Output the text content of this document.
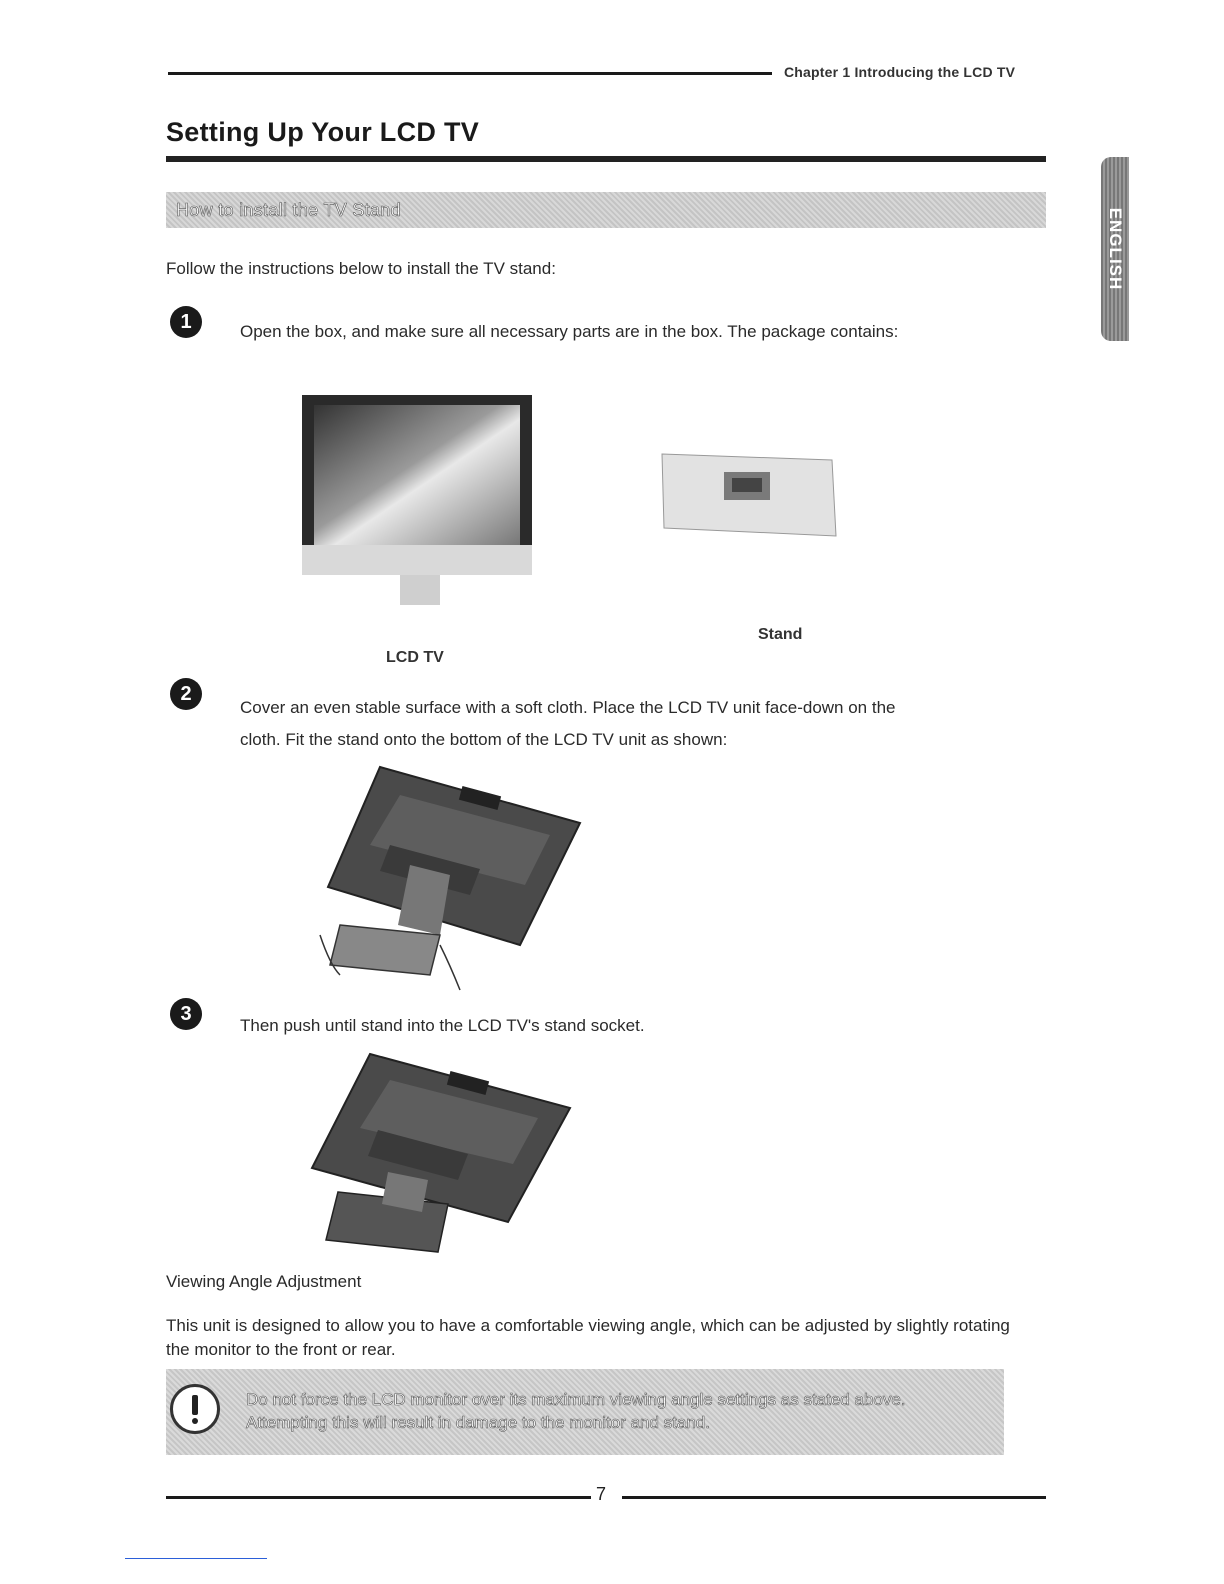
Chapter 1 Introducing the LCD TV
Setting Up Your LCD TV
How to install the TV Stand	ENGLISH
Follow the instructions below to install the TV stand:
1	Open the box, and make sure all necessary parts are in the box. The package contains:
Stand
LCD TV
2
Cover an even stable surface with a soft cloth. Place the LCD TV unit face-down on the cloth. Fit the stand onto the bottom of the LCD TV unit as shown:
3
Then push until stand into the LCD TV's stand socket.
Viewing Angle Adjustment
This unit is designed to allow you to have a comfortable viewing angle, which can be adjusted by slightly rotating the monitor to the front or rear.
Do not force the LCD monitor over its maximum viewing angle settings as stated above.
Attempting this will result in damage to the monitor and stand.
7
